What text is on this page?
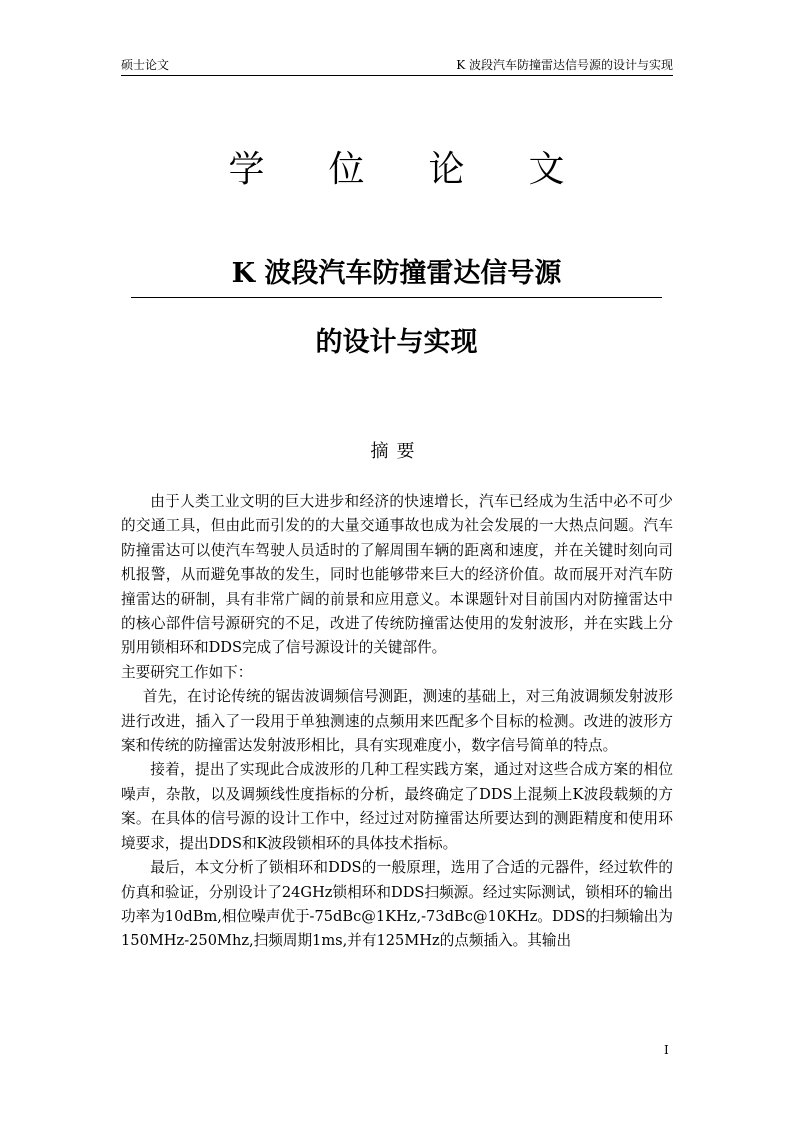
硕士论文	K 波段汽车防撞雷达信号源的设计与实现
学位论文
K 波段汽车防撞雷达信号源
的设计与实现
摘要

由于人类工业文明的巨大进步和经济的快速增长，汽车已经成为生活中必不可少的交通工具，但由此而引发的的大量交通事故也成为社会发展的一大热点问题。汽车防撞雷达可以使汽车驾驶人员适时的了解周围车辆的距离和速度，并在关键时刻向司机报警，从而避免事故的发生，同时也能够带来巨大的经济价值。故而展开对汽车防撞雷达的研制，具有非常广阔的前景和应用意义。本课题针对目前国内对防撞雷达中的核心部件信号源研究的不足，改进了传统防撞雷达使用的发射波形，并在实践上分别用锁相环和DDS完成了信号源设计的关键部件。

主要研究工作如下：

首先，在讨论传统的锯齿波调频信号测距，测速的基础上，对三角波调频发射波形进行改进，插入了一段用于单独测速的点频用来匹配多个目标的检测。改进的波形方案和传统的防撞雷达发射波形相比，具有实现难度小，数字信号简单的特点。

接着，提出了实现此合成波形的几种工程实践方案，通过对这些合成方案的相位噪声，杂散，以及调频线性度指标的分析，最终确定了DDS上混频上K波段载频的方案。在具体的信号源的设计工作中，经过过对防撞雷达所要达到的测距精度和使用环境要求，提出DDS和K波段锁相环的具体技术指标。

最后，本文分析了锁相环和DDS的一般原理，选用了合适的元器件，经过软件的仿真和验证，分别设计了24GHz锁相环和DDS扫频源。经过实际测试，锁相环的输出功率为10dBm,相位噪声优于-75dBc@1KHz,-73dBc@10KHz。DDS的扫频输出为150MHz-250Mhz,扫频周期1ms,并有125MHz的点频插入。其输出

I
